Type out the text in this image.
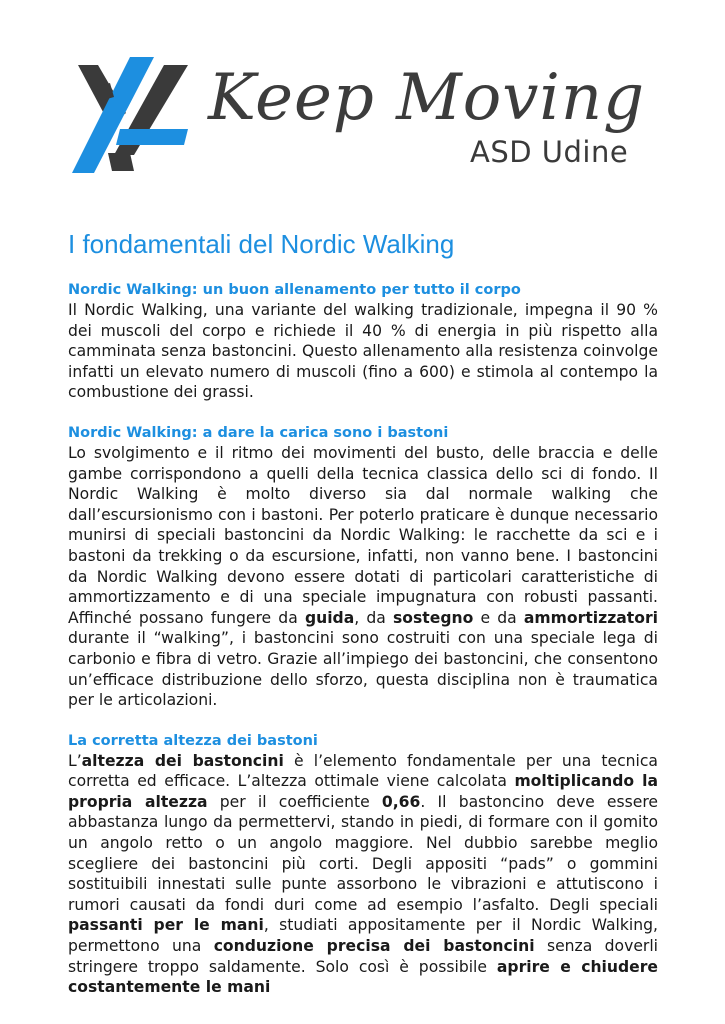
Keep Moving
ASD Udine
I fondamentali del Nordic Walking
Nordic Walking: un buon allenamento per tutto il corpo

Il Nordic Walking, una variante del walking tradizionale, impegna il 90 % dei muscoli del corpo e richiede il 40 % di energia in più rispetto alla camminata senza bastoncini. Questo allenamento alla resistenza coinvolge infatti un elevato numero di muscoli (fino a 600) e stimola al contempo la combustione dei grassi.

Nordic Walking: a dare la carica sono i bastoni

Lo svolgimento e il ritmo dei movimenti del busto, delle braccia e delle gambe corrispondono a quelli della tecnica classica dello sci di fondo. Il Nordic Walking è molto diverso sia dal normale walking che dall’escursionismo con i bastoni. Per poterlo praticare è dunque necessario munirsi di speciali bastoncini da Nordic Walking: le racchette da sci e i bastoni da trekking o da escursione, infatti, non vanno bene. I bastoncini da Nordic Walking devono essere dotati di particolari caratteristiche di ammortizzamento e di una speciale impugnatura con robusti passanti. Affinché possano fungere da guida, da sostegno e da ammortizzatori durante il “walking”, i bastoncini sono costruiti con una speciale lega di carbonio e fibra di vetro. Grazie all’impiego dei bastoncini, che consentono un’efficace distribuzione dello sforzo, questa disciplina non è traumatica per le articolazioni.

La corretta altezza dei bastoni

L’altezza dei bastoncini è l’elemento fondamentale per una tecnica corretta ed efficace. L’altezza ottimale viene calcolata moltiplicando la propria altezza per il coefficiente 0,66. Il bastoncino deve essere abbastanza lungo da permettervi, stando in piedi, di formare con il gomito un angolo retto o un angolo maggiore. Nel dubbio sarebbe meglio scegliere dei bastoncini più corti. Degli appositi “pads” o gommini sostituibili innestati sulle punte assorbono le vibrazioni e attutiscono i rumori causati da fondi duri come ad esempio l’asfalto. Degli speciali passanti per le mani, studiati appositamente per il Nordic Walking, permettono una conduzione precisa dei bastoncini senza doverli stringere troppo saldamente. Solo così è possibile aprire e chiudere costantemente le mani
